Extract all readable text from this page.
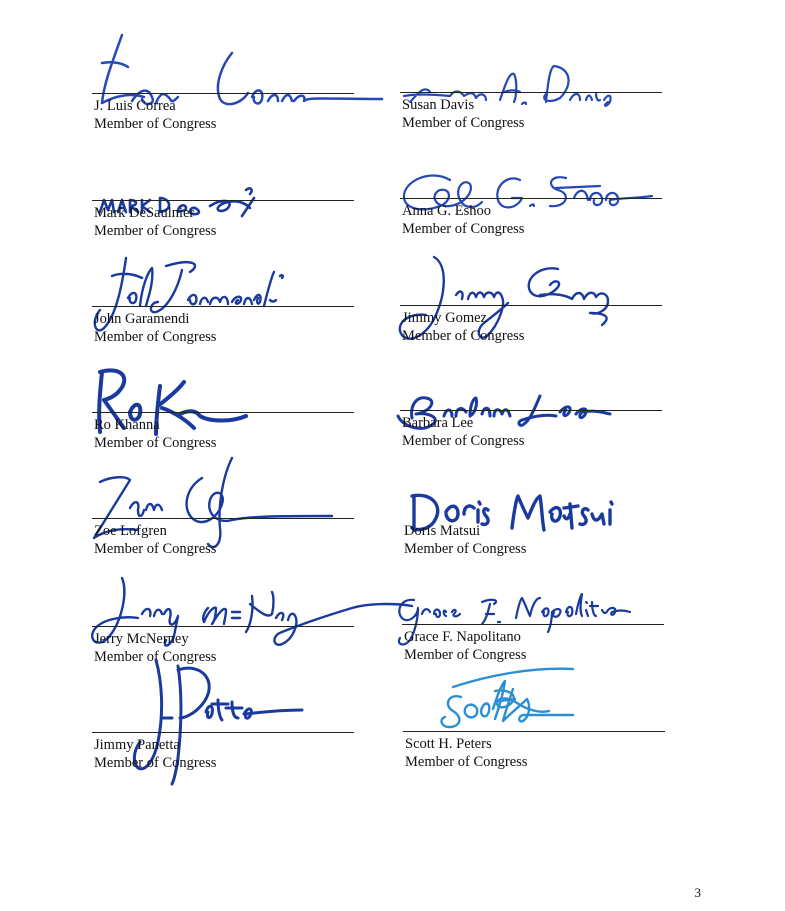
J. Luis Correa
Member of Congress
Susan Davis
Member of Congress
Mark DeSaulnier
Member of Congress
Anna G. Eshoo
Member of Congress
John Garamendi
Member of Congress
Jimmy Gomez
Member of Congress
Ro Khanna
Member of Congress
Barbara Lee
Member of Congress
Zoe Lofgren
Member of Congress
Doris Matsui
Member of Congress
Jerry McNerney
Member of Congress
Grace F. Napolitano
Member of Congress
Jimmy Panetta
Member of Congress
Scott H. Peters
Member of Congress
3
